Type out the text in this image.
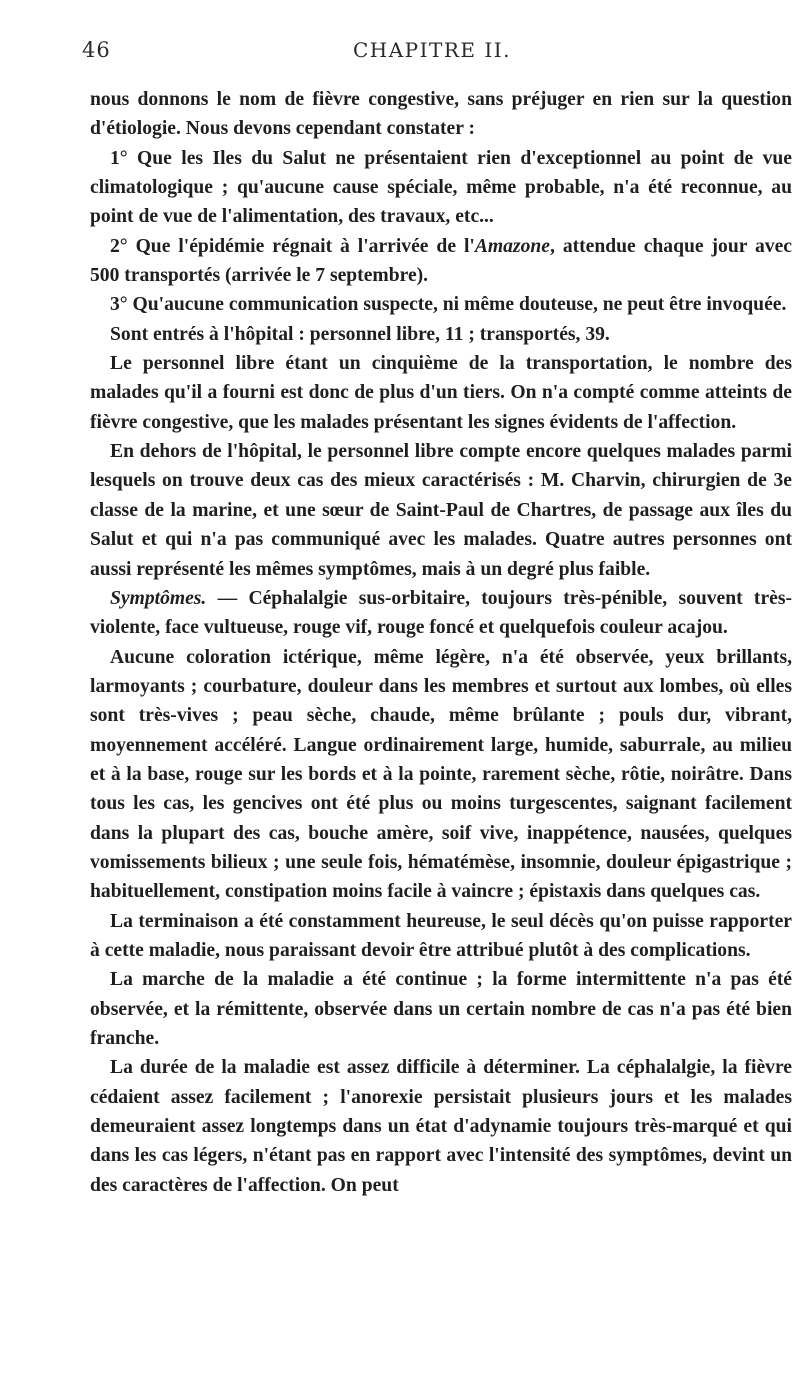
46	CHAPITRE II.

nous donnons le nom de fièvre congestive, sans préjuger en rien sur la question d'étiologie. Nous devons cependant constater :

1° Que les Iles du Salut ne présentaient rien d'exceptionnel au point de vue climatologique ; qu'aucune cause spéciale, même probable, n'a été reconnue, au point de vue de l'alimentation, des travaux, etc...

2° Que l'épidémie régnait à l'arrivée de l'Amazone, attendue chaque jour avec 500 transportés (arrivée le 7 septembre).

3° Qu'aucune communication suspecte, ni même douteuse, ne peut être invoquée.

Sont entrés à l'hôpital : personnel libre, 11 ; transportés, 39.

Le personnel libre étant un cinquième de la transportation, le nombre des malades qu'il a fourni est donc de plus d'un tiers. On n'a compté comme atteints de fièvre congestive, que les malades présentant les signes évidents de l'affection.

En dehors de l'hôpital, le personnel libre compte encore quelques malades parmi lesquels on trouve deux cas des mieux caractérisés : M. Charvin, chirurgien de 3e classe de la marine, et une sœur de Saint-Paul de Chartres, de passage aux îles du Salut et qui n'a pas communiqué avec les malades. Quatre autres personnes ont aussi représenté les mêmes symptômes, mais à un degré plus faible.

Symptômes. — Céphalalgie sus-orbitaire, toujours très-pénible, souvent très-violente, face vultueuse, rouge vif, rouge foncé et quelquefois couleur acajou.

Aucune coloration ictérique, même légère, n'a été observée, yeux brillants, larmoyants ; courbature, douleur dans les membres et surtout aux lombes, où elles sont très-vives ; peau sèche, chaude, même brûlante ; pouls dur, vibrant, moyennement accéléré. Langue ordinairement large, humide, saburrale, au milieu et à la base, rouge sur les bords et à la pointe, rarement sèche, rôtie, noirâtre. Dans tous les cas, les gencives ont été plus ou moins turgescentes, saignant facilement dans la plupart des cas, bouche amère, soif vive, inappétence, nausées, quelques vomissements bilieux ; une seule fois, hématémèse, insomnie, douleur épigastrique ; habituellement, constipation moins facile à vaincre ; épistaxis dans quelques cas.

La terminaison a été constamment heureuse, le seul décès qu'on puisse rapporter à cette maladie, nous paraissant devoir être attribué plutôt à des complications.

La marche de la maladie a été continue ; la forme intermittente n'a pas été observée, et la rémittente, observée dans un certain nombre de cas n'a pas été bien franche.

La durée de la maladie est assez difficile à déterminer. La céphalalgie, la fièvre cédaient assez facilement ; l'anorexie persistait plusieurs jours et les malades demeuraient assez longtemps dans un état d'adynamie toujours très-marqué et qui dans les cas légers, n'étant pas en rapport avec l'intensité des symptômes, devint un des caractères de l'affection. On peut
